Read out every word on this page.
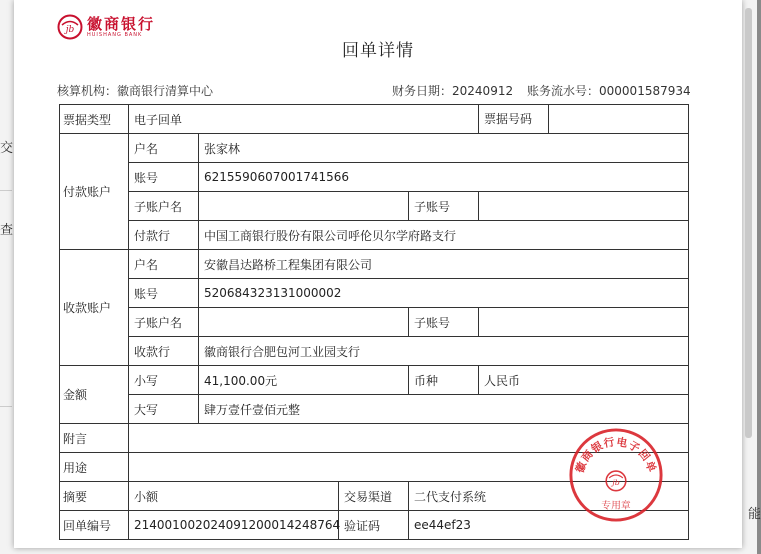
交
查
能
jb 徽商银行
HUISHANG BANK
回单详情
核算机构：徽商银行清算中心	财务日期：20240912 账务流水号：000001587934
票据类型	电子回单				票据号码

付款账户	户名	张家林			
	账号	6215590607001741566			
	子账户名			子账号	
	付款行	中国工商银行股份有限公司呼伦贝尔学府路支行			
收款账户	户名	安徽昌达路桥工程集团有限公司			
	账号	520684323131000002			
	子账户名			子账号	
	收款行	徽商银行合肥包河工业园支行			
金额	小写	41,100.00元		币种	人民币
	大写	肆万壹仟壹佰元整			
附言					
用途					
摘要	小额		交易渠道	二代支付系统	
回单编号	214001002024091200014248764		验证码	ee44ef23	
徽商银行电子回单
jb
专用章
